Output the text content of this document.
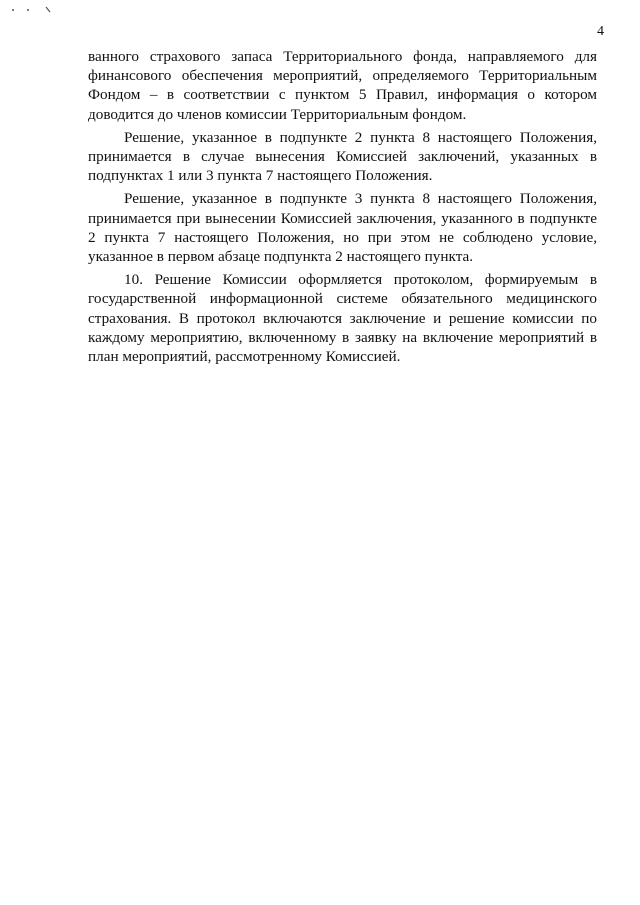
4

ванного страхового запаса Территориального фонда, направляемого для финансового обеспечения мероприятий, определяемого Территориальным Фондом – в соответствии с пунктом 5 Правил, информация о котором доводится до членов комиссии Территориальным фондом.

Решение, указанное в подпункте 2 пункта 8 настоящего Положения, принимается в случае вынесения Комиссией заключений, указанных в подпунктах 1 или 3 пункта 7 настоящего Положения.

Решение, указанное в подпункте 3 пункта 8 настоящего Положения, принимается при вынесении Комиссией заключения, указанного в подпункте 2 пункта 7 настоящего Положения, но при этом не соблюдено условие, указанное в первом абзаце подпункта 2 настоящего пункта.

10. Решение Комиссии оформляется протоколом, формируемым в государственной информационной системе обязательного медицинского страхования. В протокол включаются заключение и решение комиссии по каждому мероприятию, включенному в заявку на включение мероприятий в план мероприятий, рассмотренному Комиссией.
